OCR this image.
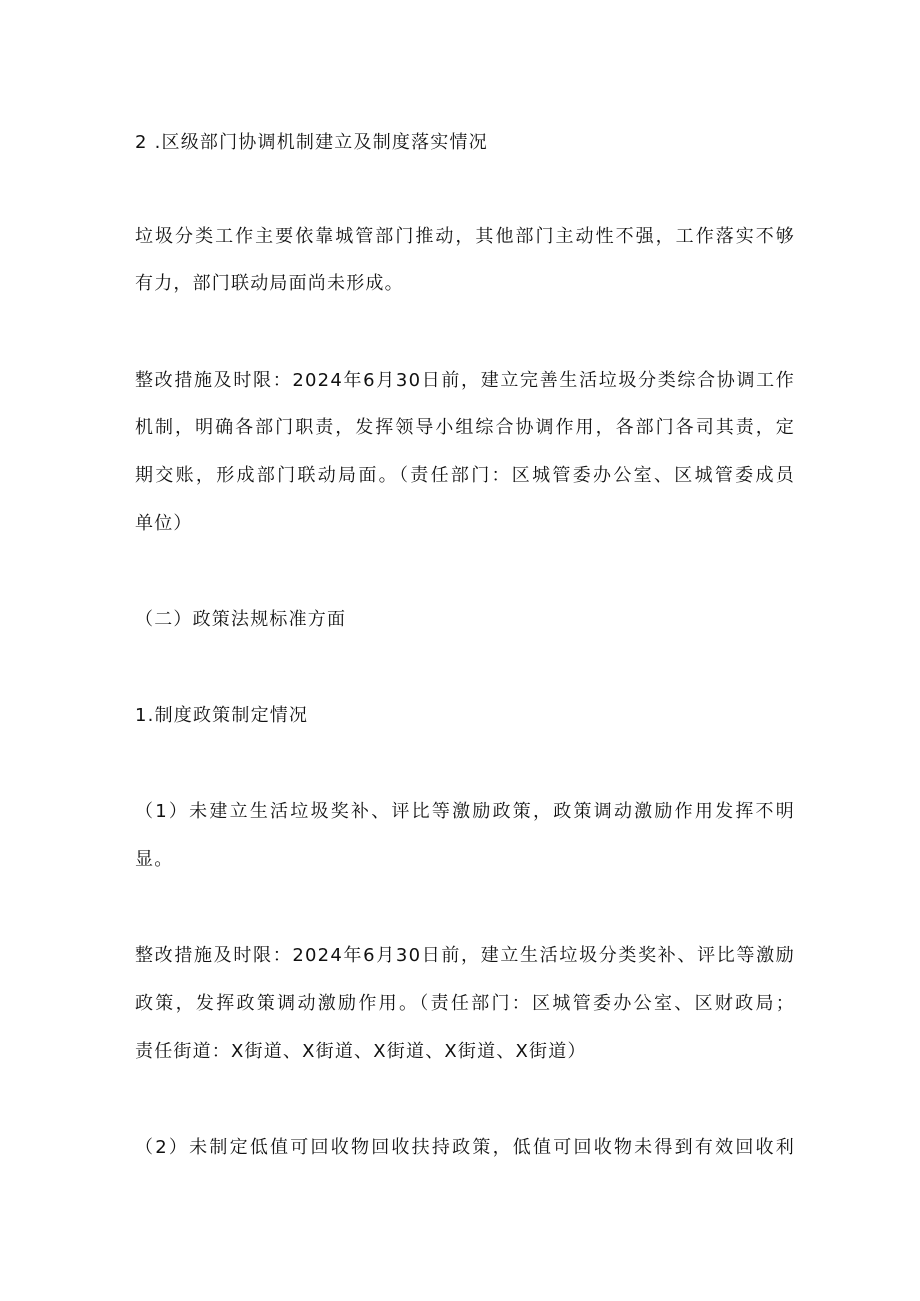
2 .区级部门协调机制建立及制度落实情况
垃圾分类工作主要依靠城管部门推动，其他部门主动性不强，工作落实不够
有力，部门联动局面尚未形成。
整改措施及时限：2024年6月30日前，建立完善生活垃圾分类综合协调工作
机制，明确各部门职责，发挥领导小组综合协调作用，各部门各司其责，定
期交账，形成部门联动局面。（责任部门：区城管委办公室、区城管委成员
单位）
（二）政策法规标准方面
1.制度政策制定情况
（1）未建立生活垃圾奖补、评比等激励政策，政策调动激励作用发挥不明
显。
整改措施及时限：2024年6月30日前，建立生活垃圾分类奖补、评比等激励
政策，发挥政策调动激励作用。（责任部门：区城管委办公室、区财政局；
责任街道：X街道、X街道、X街道、X街道、X街道）
（2）未制定低值可回收物回收扶持政策，低值可回收物未得到有效回收利
